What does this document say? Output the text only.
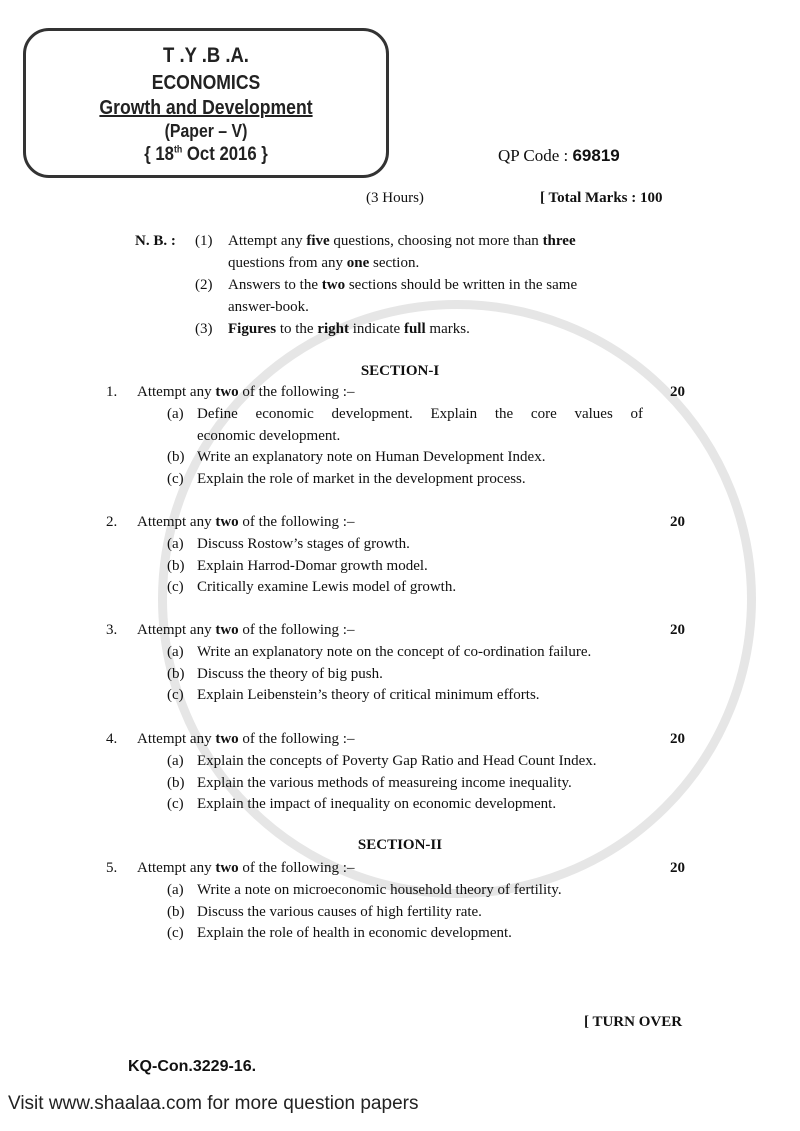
T .Y .B .A.
ECONOMICS
Growth and Development
(Paper – V)
{ 18th Oct 2016 }	QP Code : 69819
(3 Hours)	[ Total Marks : 100
N. B. : (1) Attempt any five questions, choosing not more than three
questions from any one section.
(2) Answers to the two sections should be written in the same
answer-book.
(3) Figures to the right indicate full marks.
SECTION-I
1. Attempt any two of the following :–	20
(a) Define economic development. Explain the core values of
economic development.
(b) Write an explanatory note on Human Development Index.
(c) Explain the role of market in the development process.
2. Attempt any two of the following :–	20
(a) Discuss Rostow’s stages of growth.
(b) Explain Harrod-Domar growth model.
(c) Critically examine Lewis model of growth.
3. Attempt any two of the following :–	20
(a) Write an explanatory note on the concept of co-ordination failure.
(b) Discuss the theory of big push.
(c) Explain Leibenstein’s theory of critical minimum efforts.
4. Attempt any two of the following :–	20
(a) Explain the concepts of Poverty Gap Ratio and Head Count Index.
(b) Explain the various methods of measureing income inequality.
(c) Explain the impact of inequality on economic development.
SECTION-II
5. Attempt any two of the following :–	20
(a) Write a note on microeconomic household theory of fertility.
(b) Discuss the various causes of high fertility rate.
(c) Explain the role of health in economic development.
[ TURN OVER
KQ-Con.3229-16.
Visit www.shaalaa.com for more question papers
